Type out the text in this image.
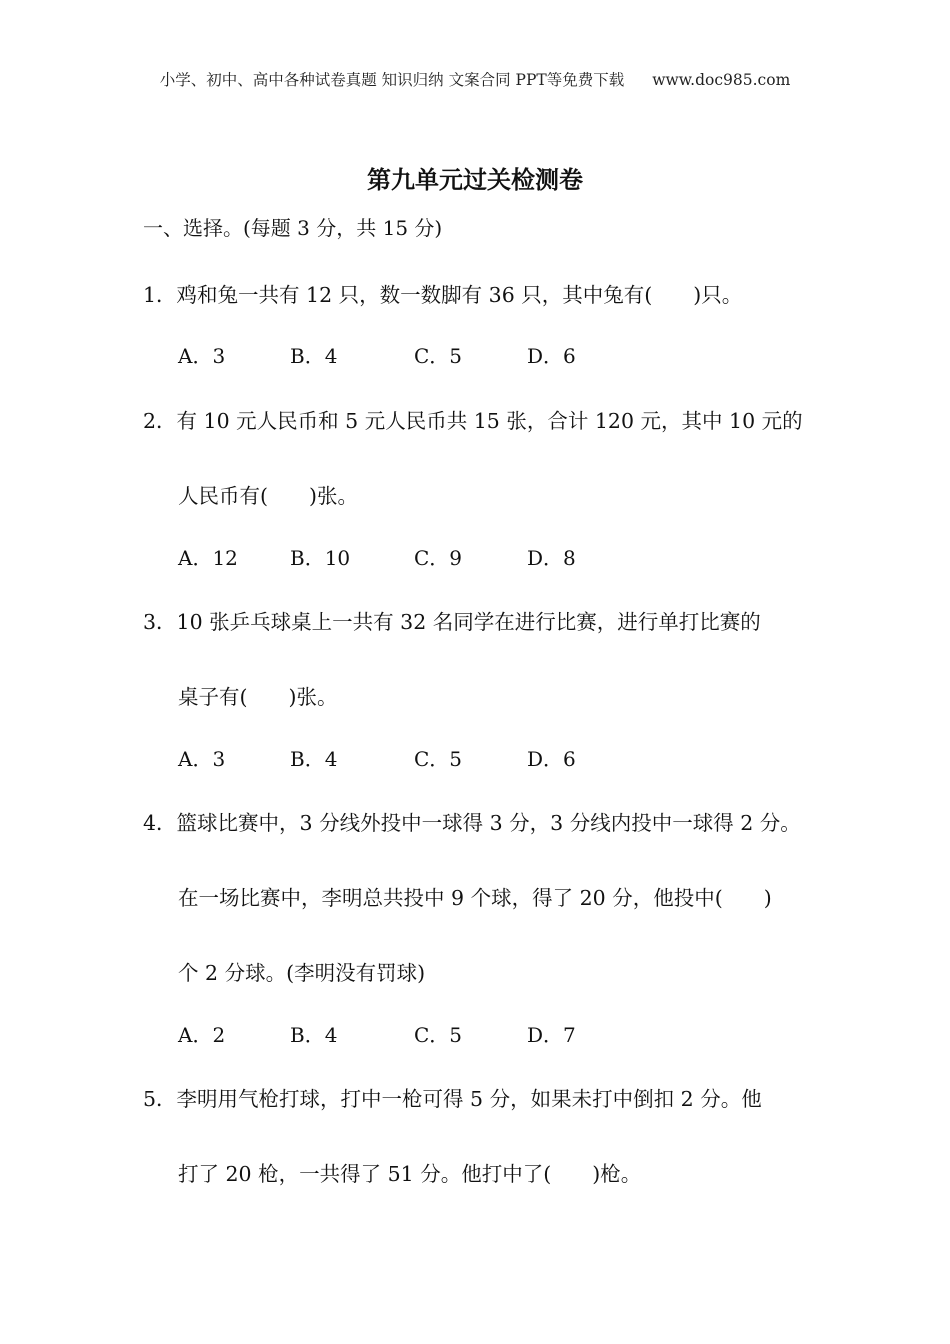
小学、初中、高中各种试卷真题 知识归纳 文案合同 PPT等免费下载 www.doc985.com
第九单元过关检测卷
一、选择。(每题 3 分，共 15 分)
1．鸡和兔一共有 12 只，数一数脚有 36 只，其中兔有(　　)只。
A．3	B．4	C．5	D．6
2．有 10 元人民币和 5 元人民币共 15 张，合计 120 元，其中 10 元的
人民币有(　　)张。
A．12	B．10	C．9	D．8
3．10 张乒乓球桌上一共有 32 名同学在进行比赛，进行单打比赛的
桌子有(　　)张。
A．3	B．4	C．5	D．6
4．篮球比赛中，3 分线外投中一球得 3 分，3 分线内投中一球得 2 分。
在一场比赛中，李明总共投中 9 个球，得了 20 分，他投中(　　)
个 2 分球。(李明没有罚球)
A．2	B．4	C．5	D．7
5．李明用气枪打球，打中一枪可得 5 分，如果未打中倒扣 2 分。他
打了 20 枪，一共得了 51 分。他打中了(　　)枪。
